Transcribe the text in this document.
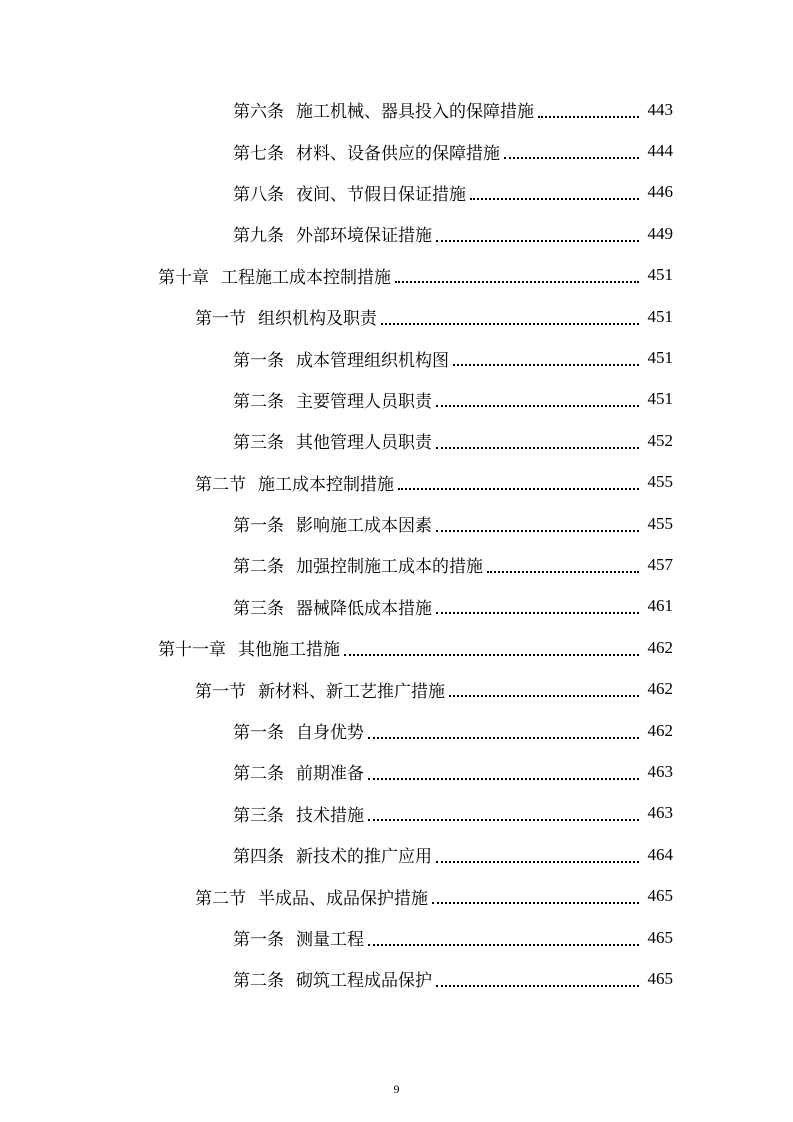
第六条 施工机械、器具投入的保障措施	443
第七条 材料、设备供应的保障措施	444
第八条 夜间、节假日保证措施	446
第九条 外部环境保证措施	449
第十章 工程施工成本控制措施	451
第一节 组织机构及职责	451
第一条 成本管理组织机构图	451
第二条 主要管理人员职责	451
第三条 其他管理人员职责	452
第二节 施工成本控制措施	455
第一条 影响施工成本因素	455
第二条 加强控制施工成本的措施	457
第三条 器械降低成本措施	461
第十一章 其他施工措施	462
第一节 新材料、新工艺推广措施	462
第一条 自身优势	462
第二条 前期准备	463
第三条 技术措施	463
第四条 新技术的推广应用	464
第二节 半成品、成品保护措施	465
第一条 测量工程	465
第二条 砌筑工程成品保护	465
9
